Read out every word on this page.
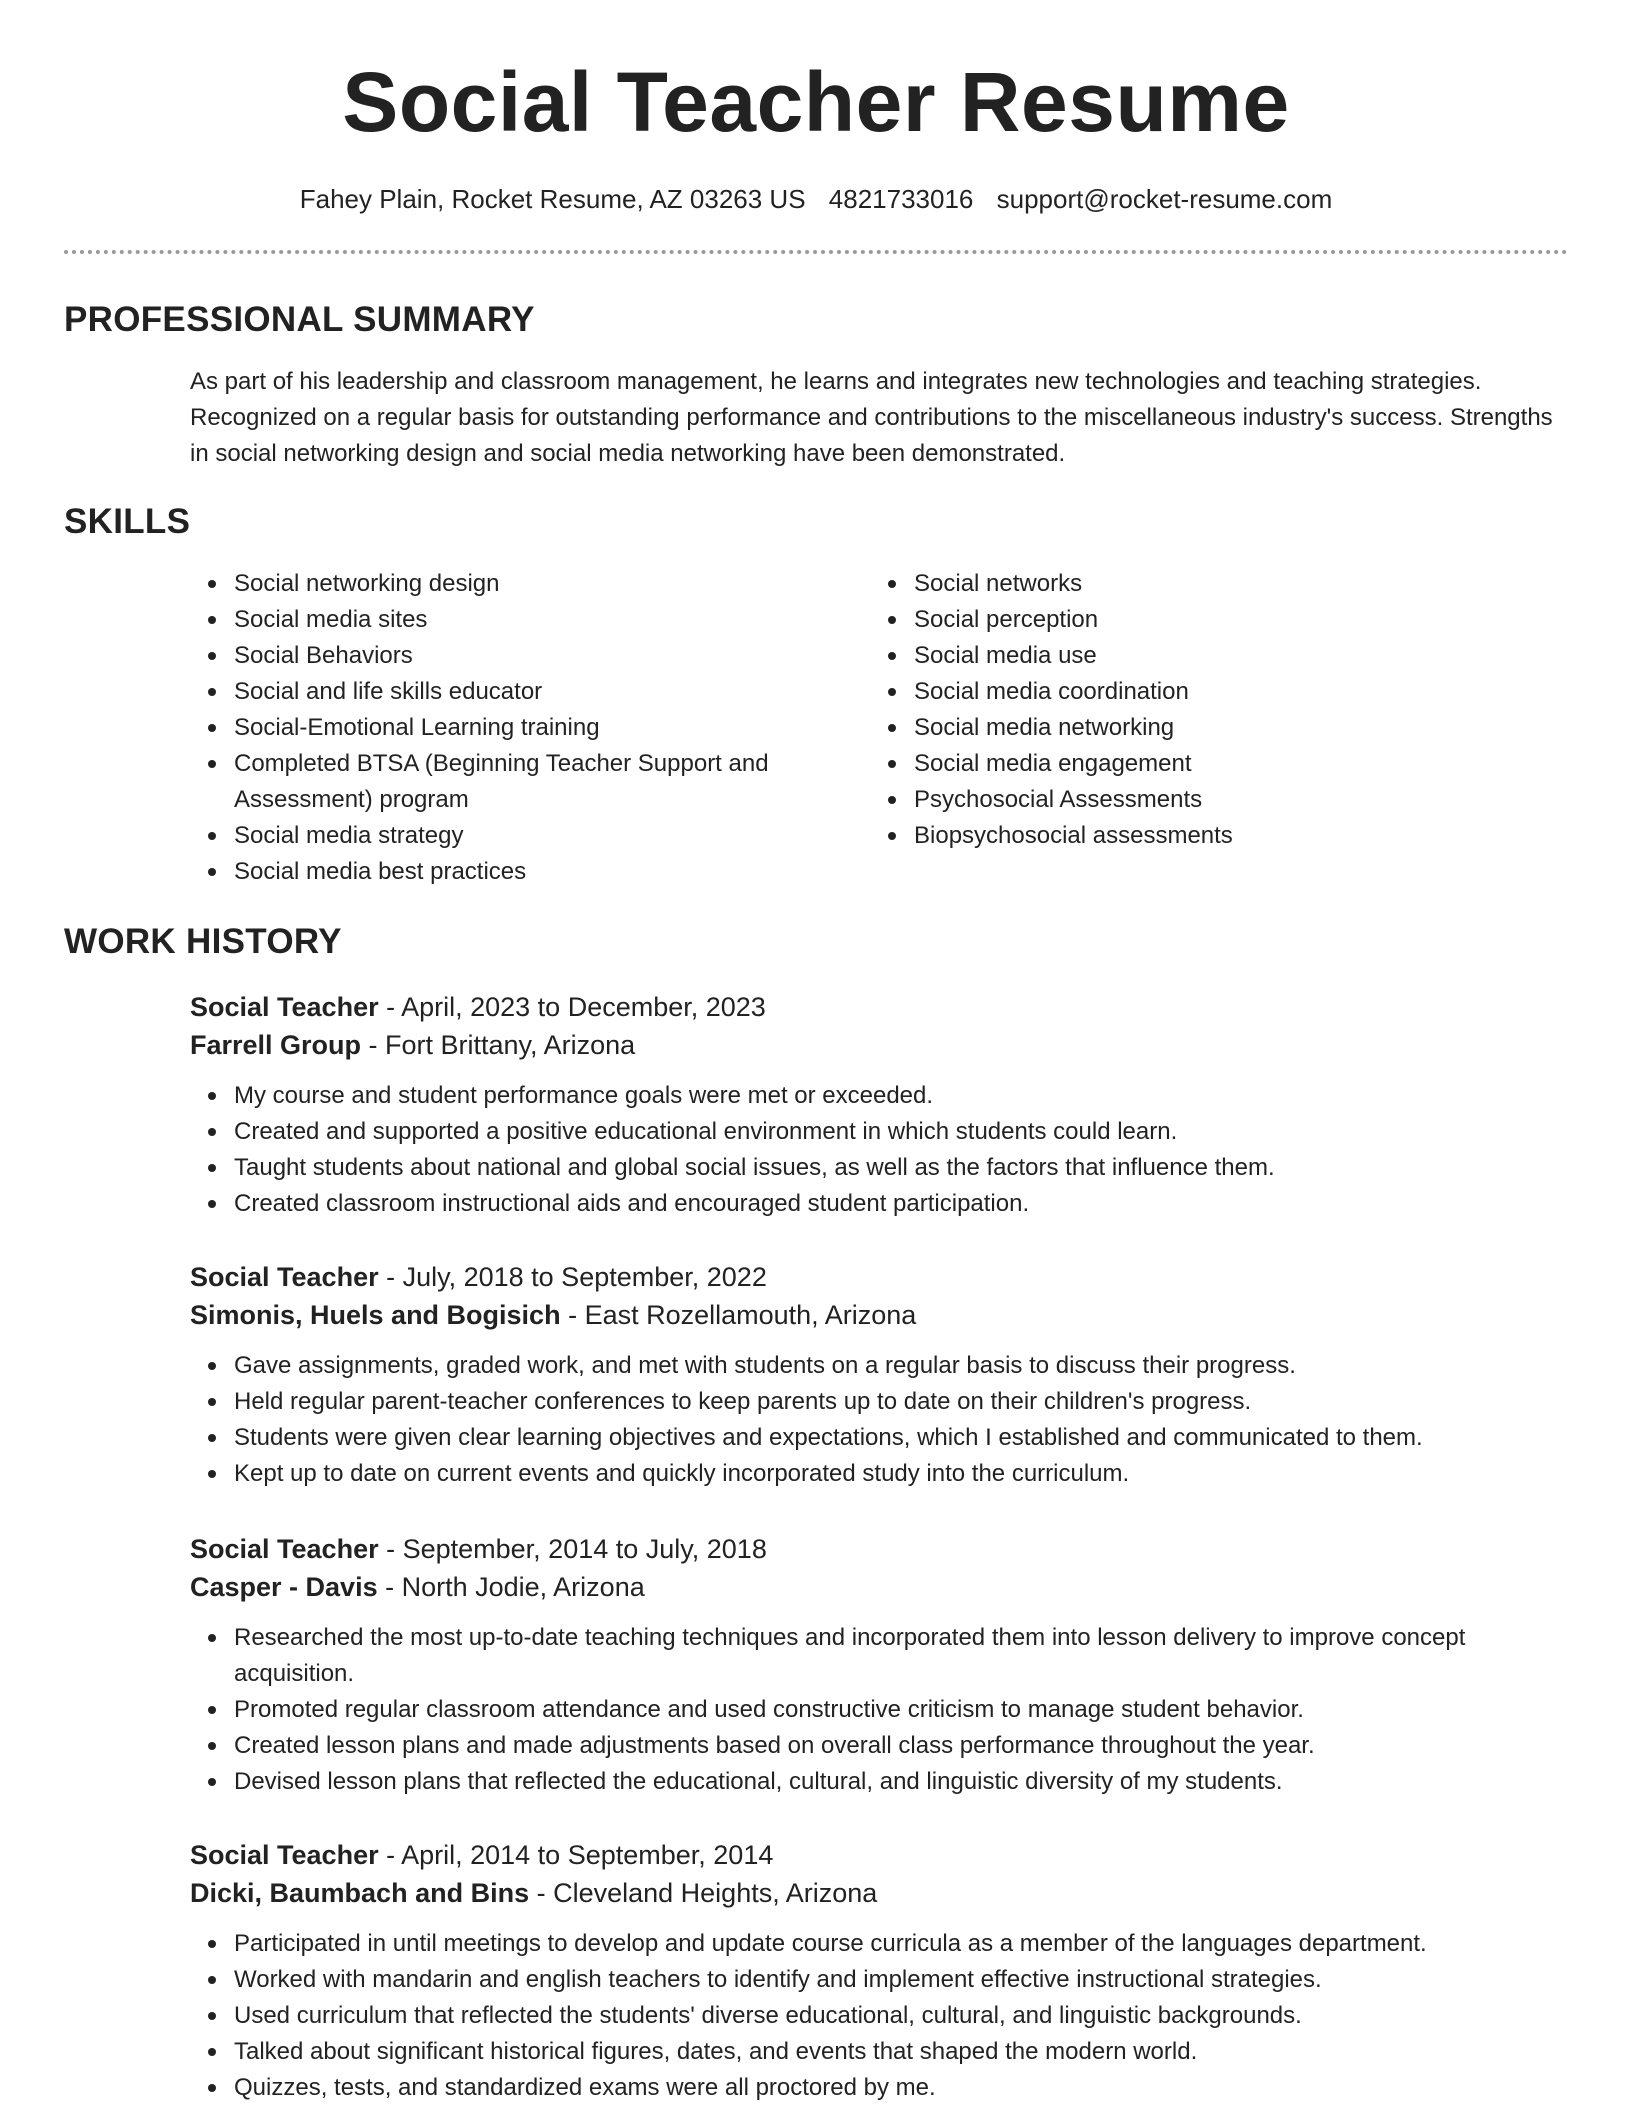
Social Teacher Resume
Fahey Plain, Rocket Resume, AZ 03263 US 4821733016 support@rocket-resume.com
PROFESSIONAL SUMMARY

As part of his leadership and classroom management, he learns and integrates new technologies and teaching strategies. Recognized on a regular basis for outstanding performance and contributions to the miscellaneous industry's success. Strengths in social networking design and social media networking have been demonstrated.

SKILLS
Social networking design
Social media sites
Social Behaviors
Social and life skills educator
Social-Emotional Learning training
Completed BTSA (Beginning Teacher Support and Assessment) program
Social media strategy
Social media best practices
Social networks
Social perception
Social media use
Social media coordination
Social media networking
Social media engagement
Psychosocial Assessments
Biopsychosocial assessments
WORK HISTORY
Social Teacher - April, 2023 to December, 2023
Farrell Group - Fort Brittany, Arizona
My course and student performance goals were met or exceeded.
Created and supported a positive educational environment in which students could learn.
Taught students about national and global social issues, as well as the factors that influence them.
Created classroom instructional aids and encouraged student participation.
Social Teacher - July, 2018 to September, 2022
Simonis, Huels and Bogisich - East Rozellamouth, Arizona
Gave assignments, graded work, and met with students on a regular basis to discuss their progress.
Held regular parent-teacher conferences to keep parents up to date on their children's progress.
Students were given clear learning objectives and expectations, which I established and communicated to them.
Kept up to date on current events and quickly incorporated study into the curriculum.
Social Teacher - September, 2014 to July, 2018
Casper - Davis - North Jodie, Arizona
Researched the most up-to-date teaching techniques and incorporated them into lesson delivery to improve concept acquisition.
Promoted regular classroom attendance and used constructive criticism to manage student behavior.
Created lesson plans and made adjustments based on overall class performance throughout the year.
Devised lesson plans that reflected the educational, cultural, and linguistic diversity of my students.
Social Teacher - April, 2014 to September, 2014
Dicki, Baumbach and Bins - Cleveland Heights, Arizona
Participated in until meetings to develop and update course curricula as a member of the languages department.
Worked with mandarin and english teachers to identify and implement effective instructional strategies.
Used curriculum that reflected the students' diverse educational, cultural, and linguistic backgrounds.
Talked about significant historical figures, dates, and events that shaped the modern world.
Quizzes, tests, and standardized exams were all proctored by me.
